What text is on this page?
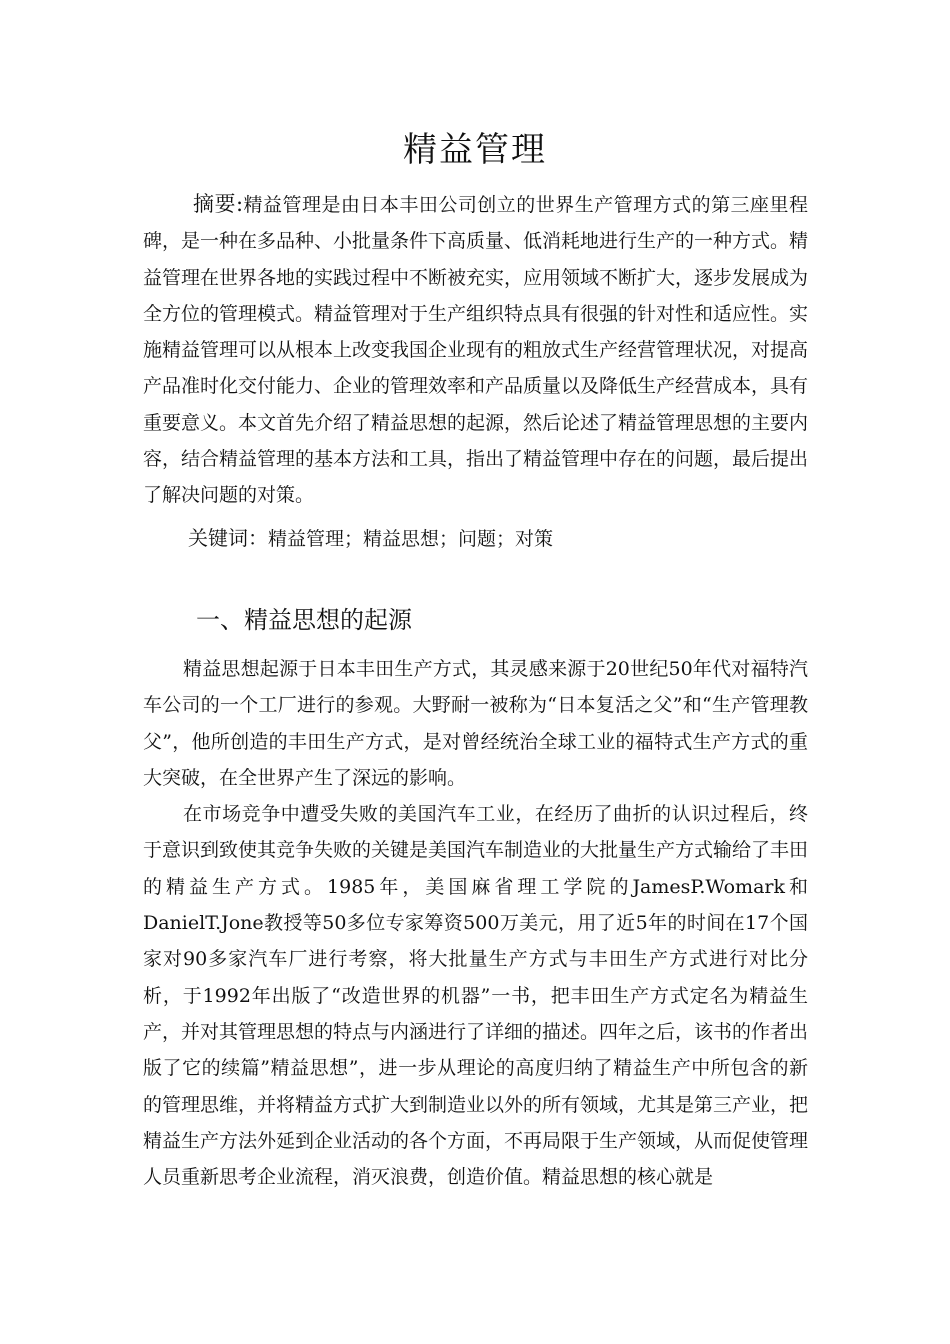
精益管理
摘要:精益管理是由日本丰田公司创立的世界生产管理方式的第三座里程碑，是一种在多品种、小批量条件下高质量、低消耗地进行生产的一种方式。精益管理在世界各地的实践过程中不断被充实，应用领域不断扩大，逐步发展成为全方位的管理模式。精益管理对于生产组织特点具有很强的针对性和适应性。实施精益管理可以从根本上改变我国企业现有的粗放式生产经营管理状况，对提高产品准时化交付能力、企业的管理效率和产品质量以及降低生产经营成本，具有重要意义。本文首先介绍了精益思想的起源，然后论述了精益管理思想的主要内容，结合精益管理的基本方法和工具，指出了精益管理中存在的问题，最后提出了解决问题的对策。
关键词：精益管理；精益思想；问题；对策
一、精益思想的起源

精益思想起源于日本丰田生产方式，其灵感来源于20世纪50年代对福特汽车公司的一个工厂进行的参观。大野耐一被称为“日本复活之父”和“生产管理教父”，他所创造的丰田生产方式，是对曾经统治全球工业的福特式生产方式的重大突破，在全世界产生了深远的影响。

在市场竞争中遭受失败的美国汽车工业，在经历了曲折的认识过程后，终于意识到致使其竞争失败的关键是美国汽车制造业的大批量生产方式输给了丰田的精益生产方式。1985年，美国麻省理工学院的JamesP.Womark和DanielT.Jone教授等50多位专家筹资500万美元，用了近5年的时间在17个国家对90多家汽车厂进行考察，将大批量生产方式与丰田生产方式进行对比分析，于1992年出版了“改造世界的机器”一书，把丰田生产方式定名为精益生产，并对其管理思想的特点与内涵进行了详细的描述。四年之后，该书的作者出版了它的续篇”精益思想”，进一步从理论的高度归纳了精益生产中所包含的新的管理思维，并将精益方式扩大到制造业以外的所有领域，尤其是第三产业，把精益生产方法外延到企业活动的各个方面，不再局限于生产领域，从而促使管理人员重新思考企业流程，消灭浪费，创造价值。精益思想的核心就是
